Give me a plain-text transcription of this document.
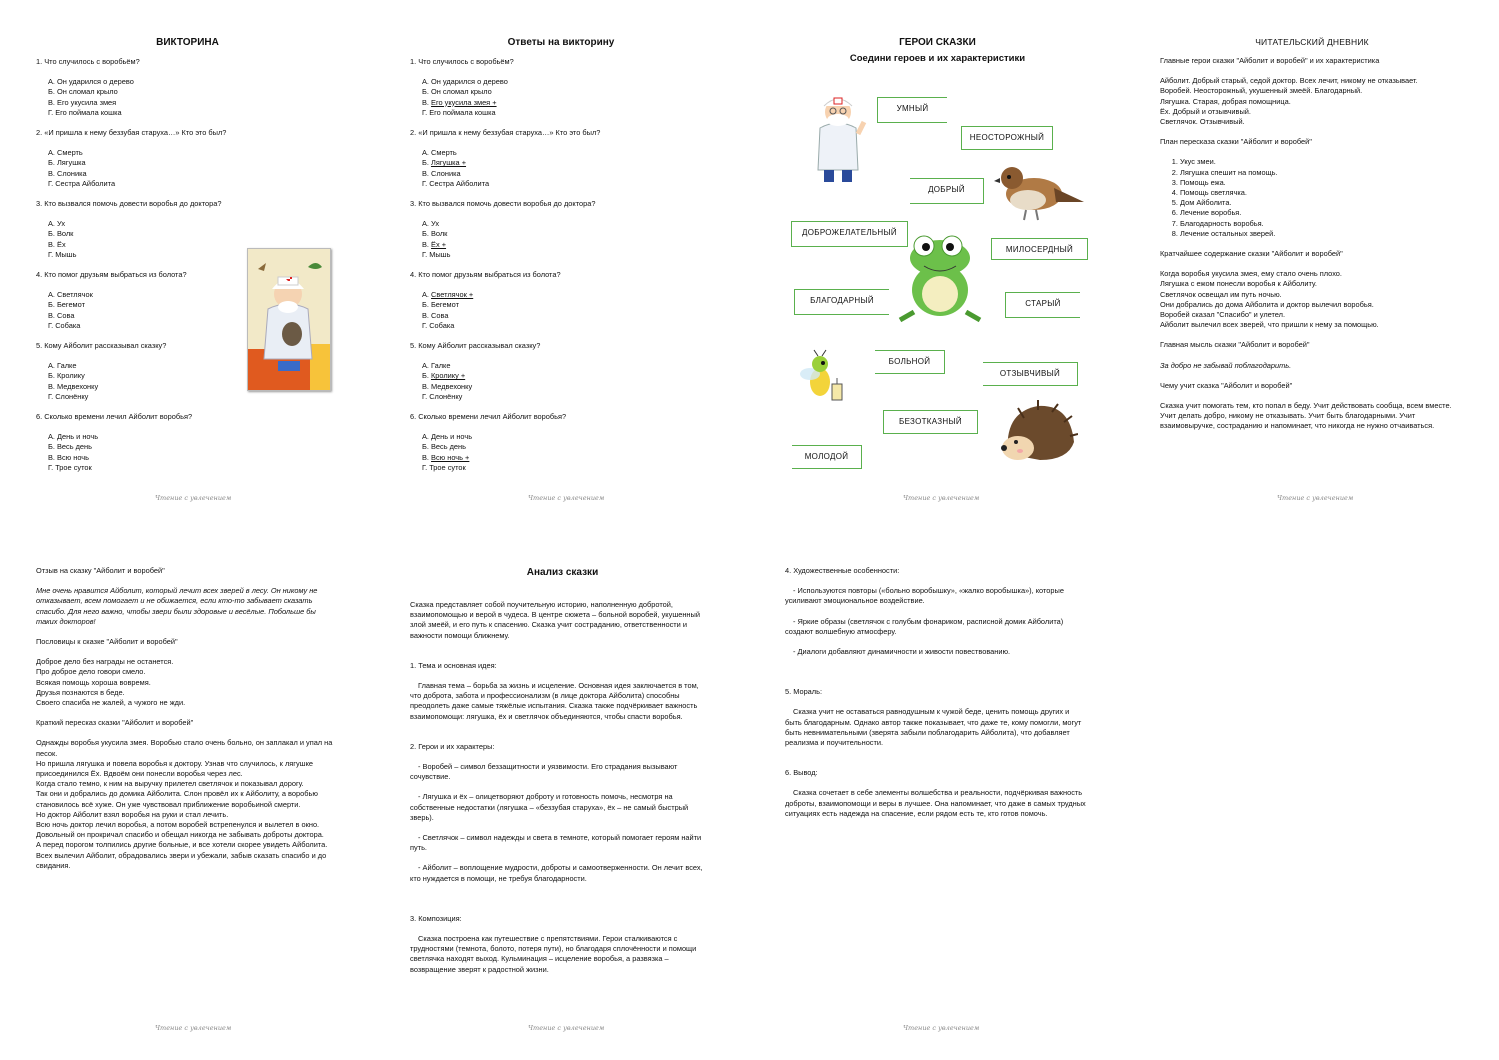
ВИКТОРИНА
1. Что случилось с воробьём?
А. Он ударился о дерево
Б. Он сломал крыло
В. Его укусила змея
Г. Его поймала кошка
2. «И пришла к нему беззубая старуха…» Кто это был?
А. Смерть
Б. Лягушка
В. Слоника
Г. Сестра Айболита
3. Кто вызвался помочь довести воробья до доктора?
А. Ух
Б. Волк
В. Ёх
Г. Мышь
4. Кто помог друзьям выбраться из болота?
А. Светлячок
Б. Бегемот
В. Сова
Г. Собака
5. Кому Айболит рассказывал сказку?
А. Галке
Б. Кролику
В. Медвехонку
Г. Слонёнку
6. Сколько времени лечил Айболит воробья?
А. День и ночь
Б. Весь день
В. Всю ночь
Г. Трое суток
Чтение с увлечением
Ответы на викторину
1. Что случилось с воробьём?
А. Он ударился о дерево
Б. Он сломал крыло
В. Его укусила змея +
Г. Его поймала кошка
2. «И пришла к нему беззубая старуха…» Кто это был?
А. Смерть
Б. Лягушка +
В. Слоника
Г. Сестра Айболита
3. Кто вызвался помочь довести воробья до доктора?
А. Ух
Б. Волк
В. Ёх +
Г. Мышь
4. Кто помог друзьям выбраться из болота?
А. Светлячок +
Б. Бегемот
В. Сова
Г. Собака
5. Кому Айболит рассказывал сказку?
А. Галке
Б. Кролику +
В. Медвехонку
Г. Слонёнку
6. Сколько времени лечил Айболит воробья?
А. День и ночь
Б. Весь день
В. Всю ночь +
Г. Трое суток
Чтение с увлечением
ГЕРОИ СКАЗКИ
Соедини героев и их характеристики
УМНЫЙ
НЕОСТОРОЖНЫЙ
ДОБРЫЙ
ДОБРОЖЕЛАТЕЛЬНЫЙ
МИЛОСЕРДНЫЙ
БЛАГОДАРНЫЙ	СТАРЫЙ
БОЛЬНОЙ
ОТЗЫВЧИВЫЙ
БЕЗОТКАЗНЫЙ
МОЛОДОЙ
Чтение с увлечением
ЧИТАТЕЛЬСКИЙ ДНЕВНИК

Главные герои сказки "Айболит и воробей" и их характеристика

Айболит. Добрый старый, седой доктор. Всех лечит, никому не отказывает.

Воробей. Неосторожный, укушенный змеёй. Благодарный.

Лягушка. Старая, добрая помощница.

Ёх. Добрый и отзывчивый.

Светлячок. Отзывчивый.

План пересказа сказки "Айболит и воробей"

1. Укус змеи.
2. Лягушка спешит на помощь.
3. Помощь ежа.
4. Помощь светлячка.
5. Дом Айболита.
6. Лечение воробья.
7. Благодарность воробья.
8. Лечение остальных зверей.

Кратчайшее содержание сказки "Айболит и воробей"

Когда воробья укусила змея, ему стало очень плохо.

Лягушка с ежом понесли воробья к Айболиту.

Светлячок освещал им путь ночью.

Они добрались до дома Айболита и доктор вылечил воробья.

Воробей сказал "Спасибо" и улетел.

Айболит вылечил всех зверей, что пришли к нему за помощью.

Главная мысль сказки "Айболит и воробей"

За добро не забывай поблагодарить.

Чему учит сказка "Айболит и воробей"

Сказка учит помогать тем, кто попал в беду. Учит действовать сообща, всем вместе. Учит делать добро, никому не отказывать. Учит быть благодарными. Учит взаимовыручке, состраданию и напоминает, что никогда не нужно отчаиваться.

Чтение с увлечением

Отзыв на сказку "Айболит и воробей"

Мне очень нравится Айболит, который лечит всех зверей в лесу. Он никому не отказывает, всем помогает и не обижается, если кто-то забывает сказать спасибо. Для него важно, чтобы звери были здоровые и весёлые. Побольше бы таких докторов!

Пословицы к сказке "Айболит и воробей"

Доброе дело без награды не останется.

Про доброе дело говори смело.

Всякая помощь хороша вовремя.

Друзья познаются в беде.

Своего спасиба не жалей, а чужого не жди.

Краткий пересказ сказки "Айболит и воробей"

Однажды воробья укусила змея. Воробью стало очень больно, он заплакал и упал на песок.

Но пришла лягушка и повела воробья к доктору. Узнав что случилось, к лягушке присоединился Ёх. Вдвоём они понесли воробья через лес.

Когда стало темно, к ним на выручку прилетел светлячок и показывал дорогу.

Так они и добрались до домика Айболита. Слон провёл их к Айболиту, а воробью становилось всё хуже. Он уже чувствовал приближение воробьиной смерти.

Но доктор Айболит взял воробья на руки и стал лечить.

Всю ночь доктор лечил воробья, а потом воробей встрепенулся и вылетел в окно. Довольный он прокричал спасибо и обещал никогда не забывать доброты доктора.

А перед порогом толпились другие больные, и все хотели скорее увидеть Айболита.

Всех вылечил Айболит, обрадовались звери и убежали, забыв сказать спасибо и до свидания.

Чтение с увлечением
Анализ сказки

Сказка представляет собой поучительную историю, наполненную добротой, взаимопомощью и верой в чудеса. В центре сюжета – больной воробей, укушенный злой змеёй, и его путь к спасению. Сказка учит состраданию, ответственности и важности помощи ближнему.

1. Тема и основная идея:

Главная тема – борьба за жизнь и исцеление. Основная идея заключается в том, что доброта, забота и профессионализм (в лице доктора Айболита) способны преодолеть даже самые тяжёлые испытания. Сказка также подчёркивает важность взаимопомощи: лягушка, ёх и светлячок объединяются, чтобы спасти воробья.

2. Герои и их характеры:

- Воробей – символ беззащитности и уязвимости. Его страдания вызывают сочувствие.

- Лягушка и ёх – олицетворяют доброту и готовность помочь, несмотря на собственные недостатки (лягушка – «беззубая старуха», ёх – не самый быстрый зверь).

- Светлячок – символ надежды и света в темноте, который помогает героям найти путь.

- Айболит – воплощение мудрости, доброты и самоотверженности. Он лечит всех, кто нуждается в помощи, не требуя благодарности.

3. Композиция:

Сказка построена как путешествие с препятствиями. Герои сталкиваются с трудностями (темнота, болото, потеря пути), но благодаря сплочённости и помощи светлячка находят выход. Кульминация – исцеление воробья, а развязка – возвращение зверят к радостной жизни.

Чтение с увлечением

4. Художественные особенности:

- Используются повторы («больно воробышку», «жалко воробышка»), которые усиливают эмоциональное воздействие.

- Яркие образы (светлячок с голубым фонариком, расписной домик Айболита) создают волшебную атмосферу.

- Диалоги добавляют динамичности и живости повествованию.

5. Мораль:

Сказка учит не оставаться равнодушным к чужой беде, ценить помощь других и быть благодарным. Однако автор также показывает, что даже те, кому помогли, могут быть невнимательными (зверята забыли поблагодарить Айболита), что добавляет реализма и поучительности.

6. Вывод:

Сказка сочетает в себе элементы волшебства и реальности, подчёркивая важность доброты, взаимопомощи и веры в лучшее. Она напоминает, что даже в самых трудных ситуациях есть надежда на спасение, если рядом есть те, кто готов помочь.

Чтение с увлечением
